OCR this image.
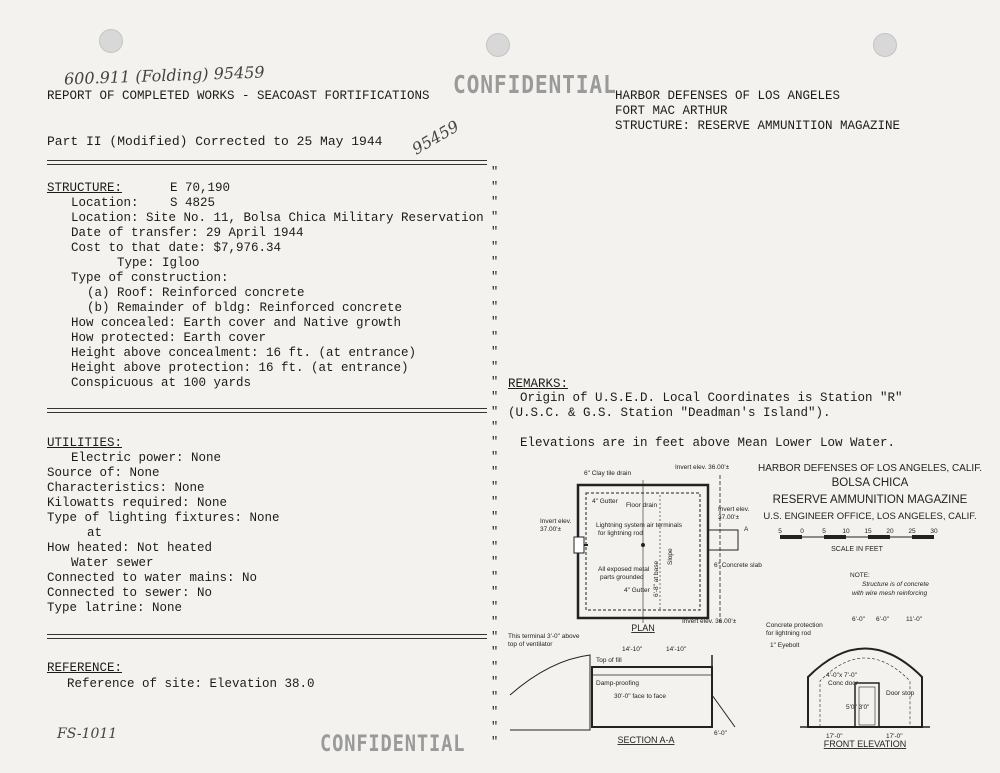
600.911 (Folding) 95459	CONFIDENTIAL
REPORT OF COMPLETED WORKS - SEACOAST FORTIFICATIONS	HARBOR DEFENSES OF LOS ANGELES
FORT MAC ARTHUR
STRUCTURE: RESERVE AMMUNITION MAGAZINE
Part II (Modified) Corrected to 25 May 1944 95459
STRUCTURE:	E 70,190
Location:	S 4825
Location: Site No. 11, Bolsa Chica Military Reservation
Date of transfer: 29 April 1944
Cost to that date: $7,976.34
Type: Igloo
Type of construction:
(a) Roof: Reinforced concrete
(b) Remainder of bldg: Reinforced concrete
How concealed: Earth cover and Native growth
How protected: Earth cover
Height above concealment: 16 ft. (at entrance)
Height above protection: 16 ft. (at entrance)
Conspicuous at 100 yards
UTILITIES:
Electric power: None
Source of: None
Characteristics: None
Kilowatts required: None
Type of lighting fixtures: None
at
How heated: Not heated
Water sewer
Connected to water mains: No
Connected to sewer: No
Type latrine: None
REFERENCE:
Reference of site: Elevation 38.0
FS-1011	CONFIDENTIAL
"
"
"
"
"
"
"
"
"
"
"
"
"
"
"
"
"
"
"
"
"
"
"
"
"
"
"
"
"
"
"
"
"
"
"
"
"
"
"
REMARKS:
Origin of U.S.E.D. Local Coordinates is Station "R"
(U.S.C. & G.S. Station "Deadman's Island").
Elevations are in feet above Mean Lower Low Water.
HARBOR DEFENSES OF LOS ANGELES, CALIF.
BOLSA CHICA
RESERVE AMMUNITION MAGAZINE
U.S. ENGINEER OFFICE, LOS ANGELES, CALIF.
5	0	5	10 15 20 25 30
SCALE IN FEET
NOTE:
Structure is of concrete
with wire mesh reinforcing
6" Clay tile drain
Invert elev. 36.00'±
4" Gutter
Floor drain
Invert elev.
37.00'±
Invert elev.
37.00'±
Lightning system air terminals
for lightning rod
Slope
6'-8" at base
All exposed metal
parts grounded
4" Gutter
6" Concrete slab
Invert elev. 36.00'±
A
PLAN
This terminal 3'-0" above
top of ventilator
14'-10"	14'-10"
Top of fill
Damp-proofing
30'-0" face to face
6'-0"
SECTION A-A
Concrete protection
for lightning rod
1" Eyebolt
6'-0" 6'-0"	11'-0"
4'-0"x 7'-0"
Conc door
Door stop
5'0" 3'0"
17'-0"	17'-0"
FRONT ELEVATION
